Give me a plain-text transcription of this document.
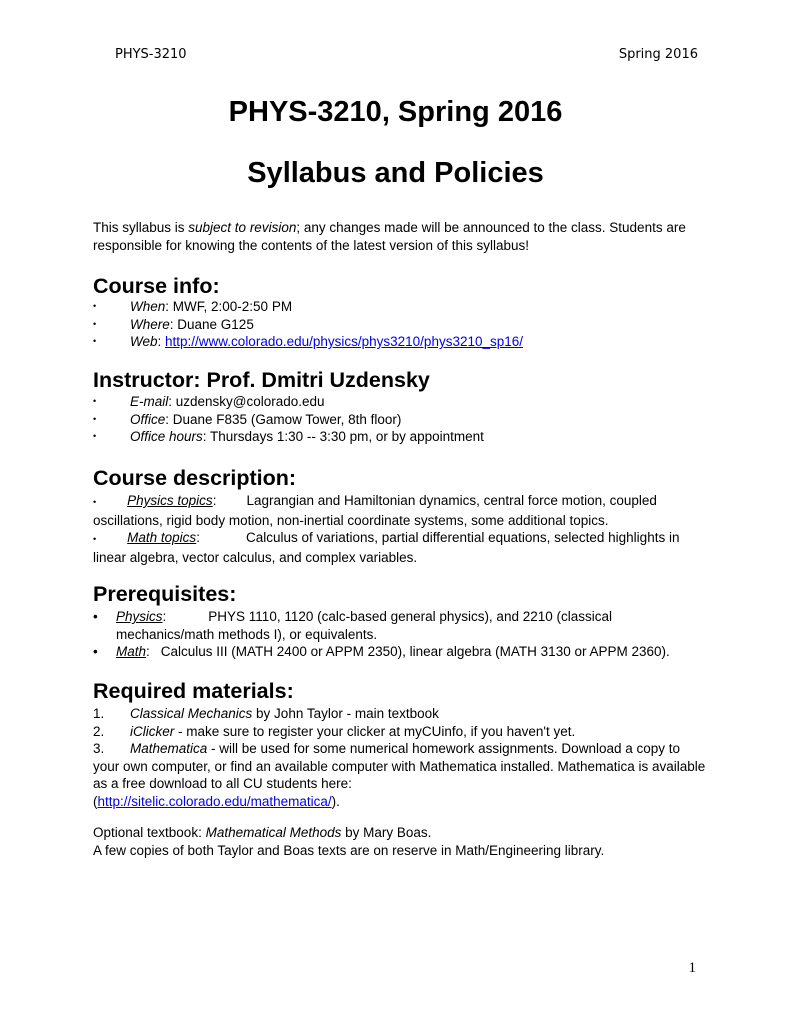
PHYS-3210	Spring 2016
PHYS-3210, Spring 2016
Syllabus and Policies
This syllabus is subject to revision; any changes made will be announced to the class. Students are responsible for knowing the contents of the latest version of this syllabus!
Course info:
•	When: MWF, 2:00-2:50 PM
•	Where: Duane G125
•	Web: http://www.colorado.edu/physics/phys3210/phys3210_sp16/
Instructor: Prof. Dmitri Uzdensky
•	E-mail: uzdensky@colorado.edu
•	Office: Duane F835 (Gamow Tower, 8th floor)
•	Office hours: Thursdays 1:30 -- 3:30 pm, or by appointment
Course description:
• Physics topics: Lagrangian and Hamiltonian dynamics, central force motion, coupled oscillations, rigid body motion, non-inertial coordinate systems, some additional topics.
• Math topics:	Calculus of variations, partial differential equations, selected highlights in linear algebra, vector calculus, and complex variables.
Prerequisites:
• Physics:	PHYS 1110, 1120 (calc-based general physics), and 2210 (classical mechanics/math methods I), or equivalents.
• Math: Calculus III (MATH 2400 or APPM 2350), linear algebra (MATH 3130 or APPM 2360).
Required materials:
1. Classical Mechanics by John Taylor - main textbook
2. iClicker - make sure to register your clicker at myCUinfo, if you haven't yet.
3. Mathematica - will be used for some numerical homework assignments. Download a copy to your own computer, or find an available computer with Mathematica installed. Mathematica is available as a free download to all CU students here:
(http://sitelic.colorado.edu/mathematica/).
Optional textbook: Mathematical Methods by Mary Boas.
A few copies of both Taylor and Boas texts are on reserve in Math/Engineering library.
1
